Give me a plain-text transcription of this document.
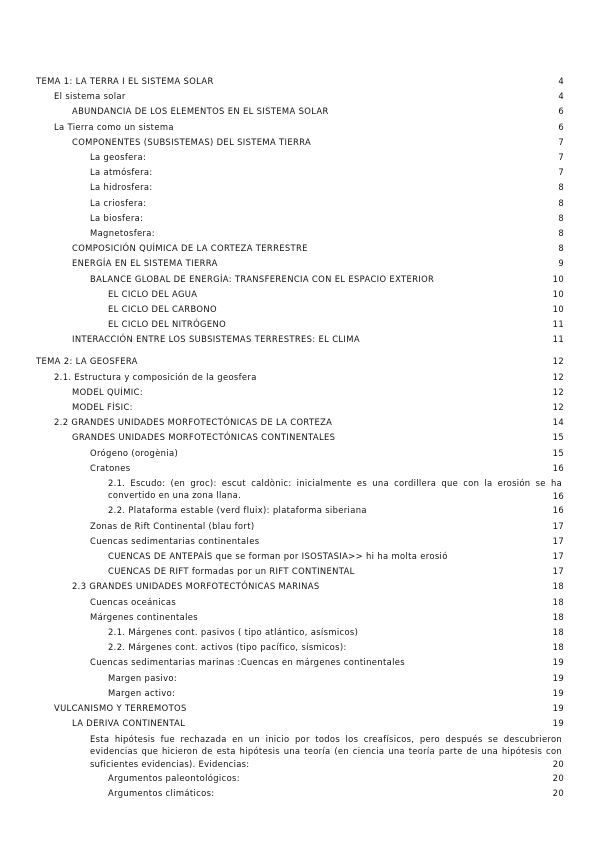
TEMA 1: LA TERRA I EL SISTEMA SOLAR	4
El sistema solar	4
ABUNDANCIA DE LOS ELEMENTOS EN EL SISTEMA SOLAR	6
La Tierra como un sistema	6
COMPONENTES (SUBSISTEMAS) DEL SISTEMA TIERRA	7
La geosfera:	7
La atmósfera:	7
La hidrosfera:	8
La criosfera:	8
La biosfera:	8
Magnetosfera:	8
COMPOSICIÓN QUÍMICA DE LA CORTEZA TERRESTRE	8
ENERGÍA EN EL SISTEMA TIERRA	9
BALANCE GLOBAL DE ENERGÍA: TRANSFERENCIA CON EL ESPACIO EXTERIOR	10
EL CICLO DEL AGUA	10
EL CICLO DEL CARBONO	10
EL CICLO DEL NITRÓGENO	11
INTERACCIÓN ENTRE LOS SUBSISTEMAS TERRESTRES: EL CLIMA	11
TEMA 2: LA GEOSFERA	12
2.1. Estructura y composición de la geosfera	12
MODEL QUÍMIC:	12
MODEL FÍSIC:	12
2.2 GRANDES UNIDADES MORFOTECTÓNICAS DE LA CORTEZA	14
GRANDES UNIDADES MORFOTECTÓNICAS CONTINENTALES	15
Orógeno (orogènia)	15
Cratones	16
2.1. Escudo: (en groc): escut caldònic: inicialmente es una cordillera que con la erosión se ha convertido en una zona llana.	16
2.2. Plataforma estable (verd fluix): plataforma siberiana	16
Zonas de Rift Continental (blau fort)	17
Cuencas sedimentarias continentales	17
CUENCAS DE ANTEPAÍS que se forman por ISOSTASIA>> hi ha molta erosió	17
CUENCAS DE RIFT formadas por un RIFT CONTINENTAL	17
2.3 GRANDES UNIDADES MORFOTECTÓNICAS MARINAS	18
Cuencas oceánicas	18
Márgenes continentales	18
2.1. Márgenes cont. pasivos ( tipo atlántico, asísmicos)	18
2.2. Márgenes cont. activos (tipo pacífico, sísmicos):	18
Cuencas sedimentarias marinas :Cuencas en márgenes continentales	19
Margen pasivo:	19
Margen activo:	19
VULCANISMO Y TERREMOTOS	19
LA DERIVA CONTINENTAL	19
Esta hipótesis fue rechazada en un inicio por todos los creafísicos, pero después se descubrieron evidencias que hicieron de esta hipótesis una teoría (en ciencia una teoría parte de una hipótesis con suficientes evidencias). Evidencias:	20
Argumentos paleontológicos:	20
Argumentos climáticos:	20
